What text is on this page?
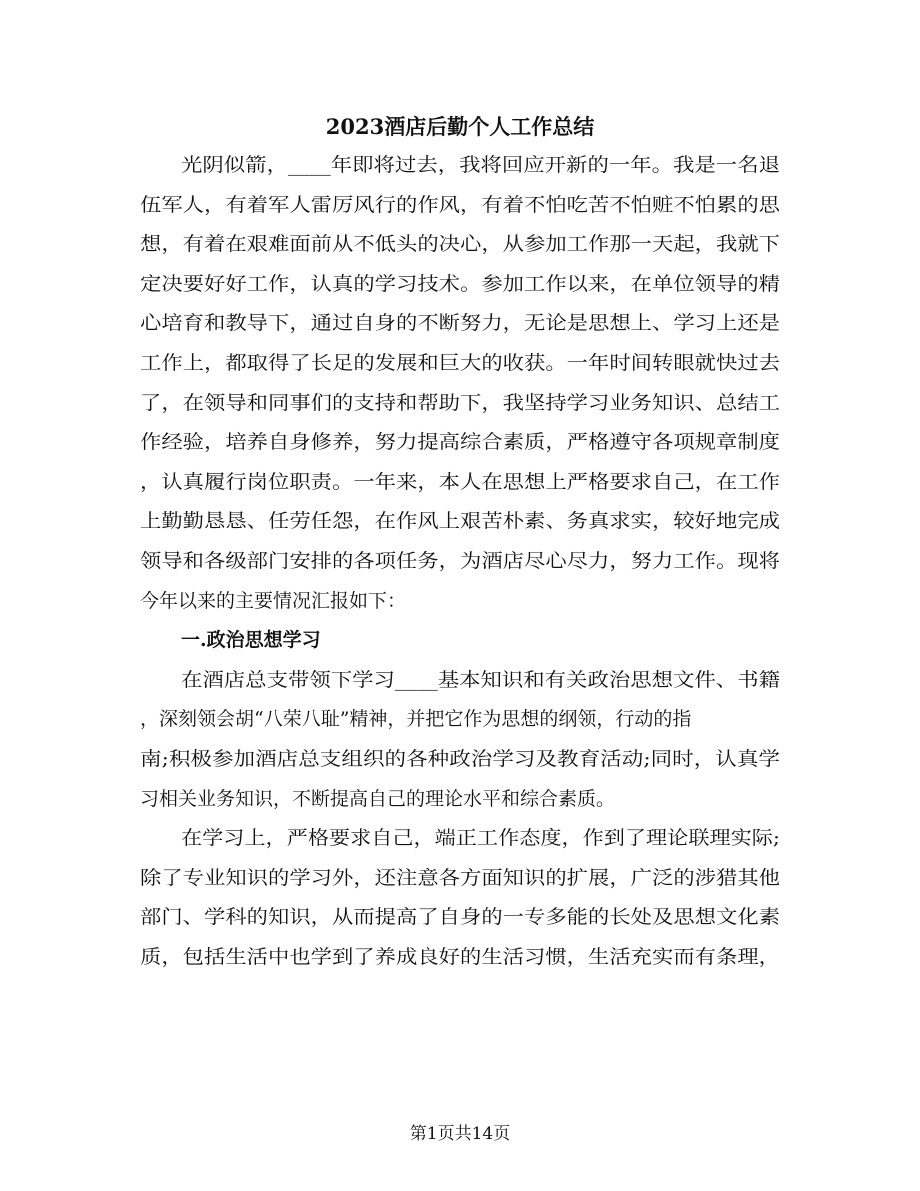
2023酒店后勤个人工作总结
光阴似箭，____年即将过去，我将回应开新的一年。我是一名退
伍军人，有着军人雷厉风行的作风，有着不怕吃苦不怕赃不怕累的思
想，有着在艰难面前从不低头的决心，从参加工作那一天起，我就下
定决要好好工作，认真的学习技术。参加工作以来，在单位领导的精
心培育和教导下，通过自身的不断努力，无论是思想上、学习上还是
工作上，都取得了长足的发展和巨大的收获。一年时间转眼就快过去
了，在领导和同事们的支持和帮助下，我坚持学习业务知识、总结工
作经验，培养自身修养，努力提高综合素质，严格遵守各项规章制度
，认真履行岗位职责。一年来，本人在思想上严格要求自己，在工作
上勤勤恳恳、任劳任怨，在作风上艰苦朴素、务真求实，较好地完成
领导和各级部门安排的各项任务，为酒店尽心尽力，努力工作。现将
今年以来的主要情况汇报如下：
一.政治思想学习
在酒店总支带领下学习____基本知识和有关政治思想文件、书籍
，深刻领会胡“八荣八耻”精神，并把它作为思想的纲领，行动的指
南;积极参加酒店总支组织的各种政治学习及教育活动;同时，认真学
习相关业务知识，不断提高自己的理论水平和综合素质。
在学习上，严格要求自己，端正工作态度，作到了理论联理实际;
除了专业知识的学习外，还注意各方面知识的扩展，广泛的涉猎其他
部门、学科的知识，从而提高了自身的一专多能的长处及思想文化素
质，包括生活中也学到了养成良好的生活习惯，生活充实而有条理，
第1页共14页
